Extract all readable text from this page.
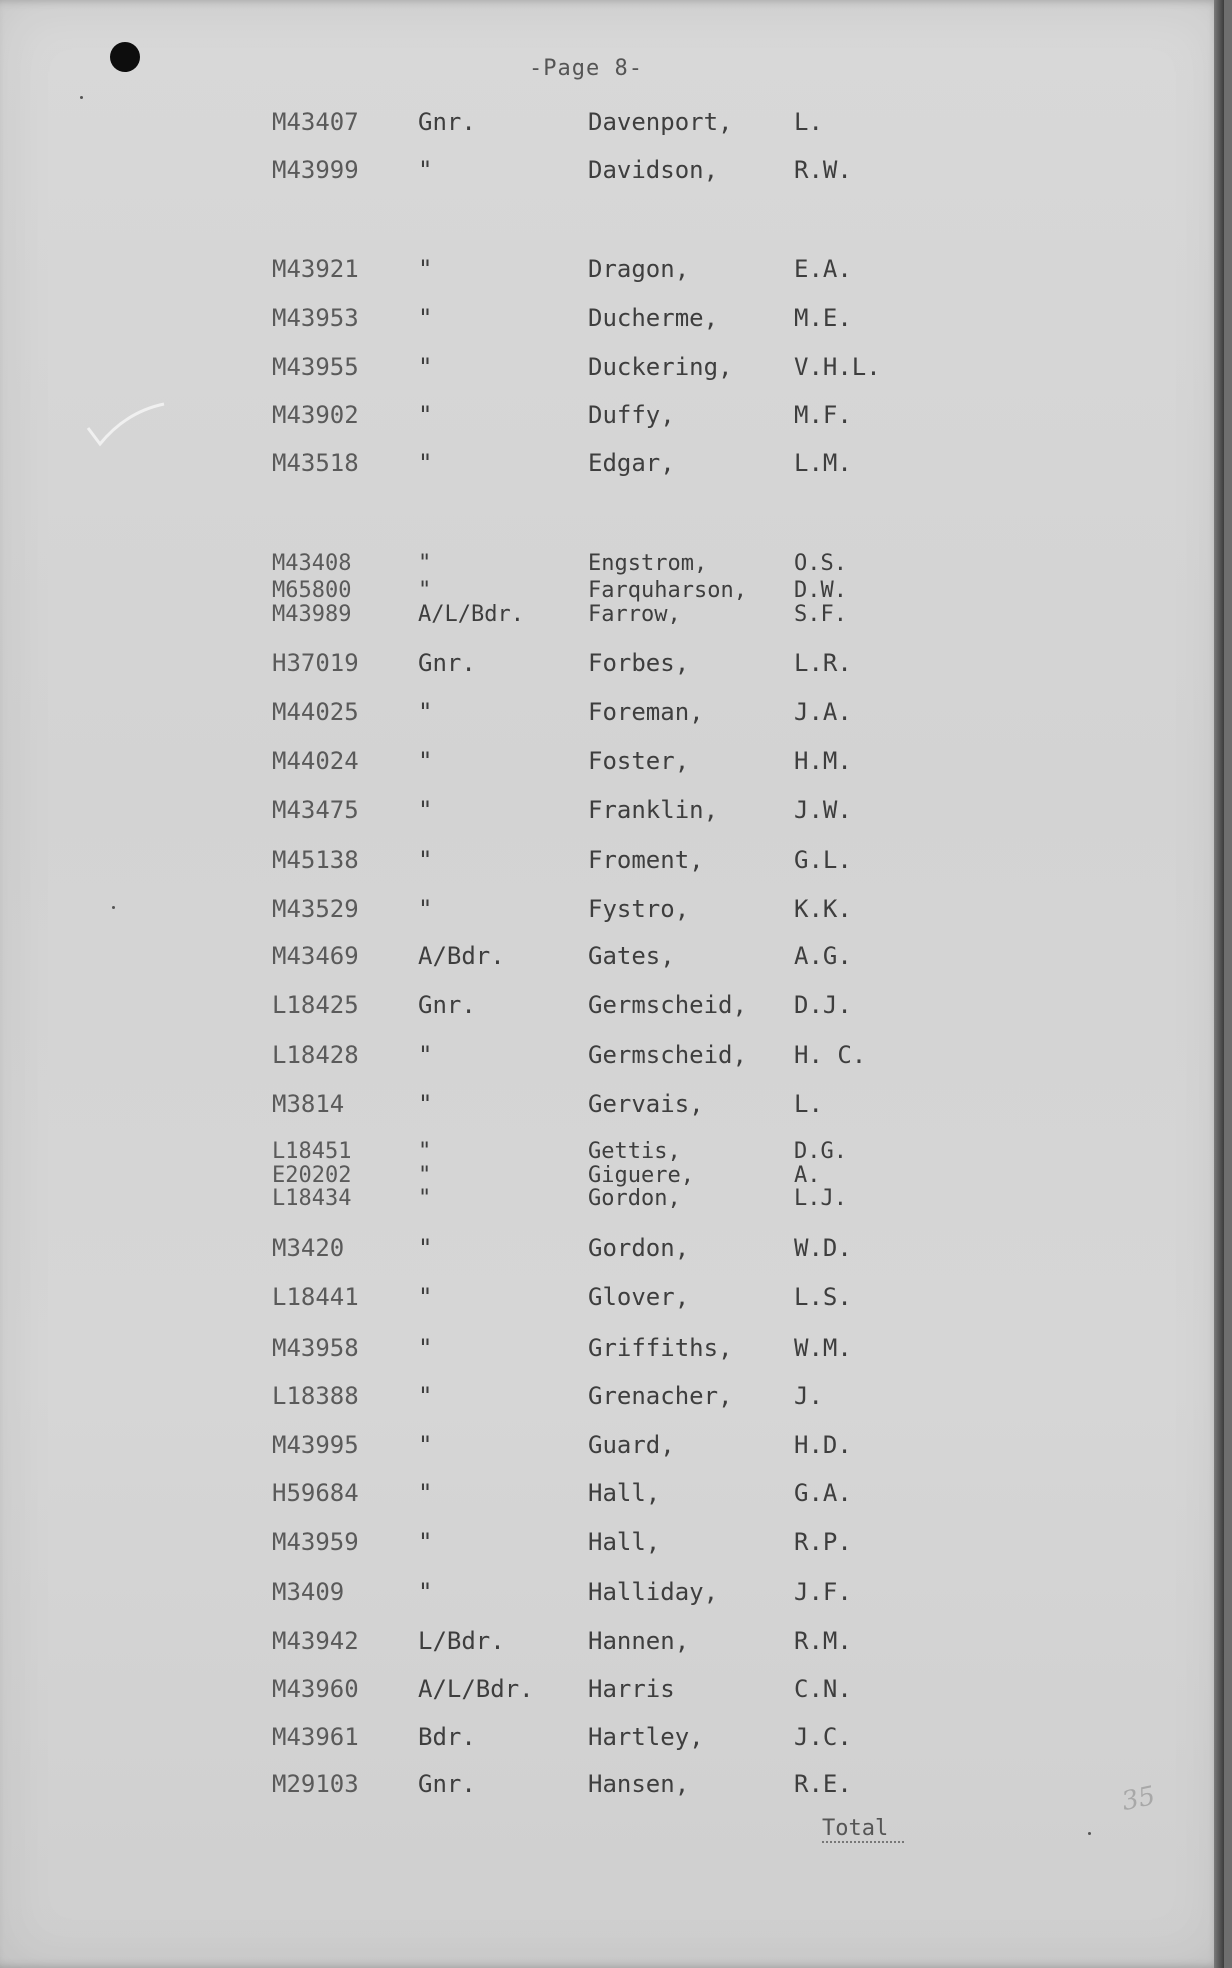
-Page 8-
M43407 Gnr.	Davenport,	L.
M43999 "	Davidson,	R.W.
M43921 "	Dragon,	E.A.
M43953 "	Ducherme,	M.E.
M43955 "	Duckering,	V.H.L.
M43902 "	Duffy,	M.F.
M43518 "	Edgar,	L.M.
M43408	"	Engstrom,	O.S.
M65800	"	Farquharson, D.W.
M43989	A/L/Bdr.	Farrow,	S.F.
H37019 Gnr.	Forbes,	L.R.
M44025 "	Foreman,	J.A.
M44024 "	Foster,	H.M.
M43475 "	Franklin,	J.W.
M45138 "	Froment,	G.L.
M43529 "	Fystro,	K.K.
M43469 A/Bdr.	Gates,	A.G.
L18425 Gnr.	Germscheid, D.J.
L18428 "	Germscheid, H. C.
M3814	"	Gervais,	L.
L18451	"	Gettis,	D.G.
E20202	"	Giguere,	A.
L18434	"	Gordon,	L.J.
M3420	"	Gordon,	W.D.
L18441 "	Glover,	L.S.
M43958 "	Griffiths,	W.M.
L18388 "	Grenacher,	J.
M43995 "	Guard,	H.D.
H59684 "	Hall,	G.A.
M43959 "	Hall,	R.P.
M3409	"	Halliday,	J.F.
M43942 L/Bdr.	Hannen,	R.M.
M43960 A/L/Bdr. Harris	C.N.
M43961 Bdr.	Hartley,	J.C.
M29103 Gnr.	Hansen,	R.E.
Total
35
